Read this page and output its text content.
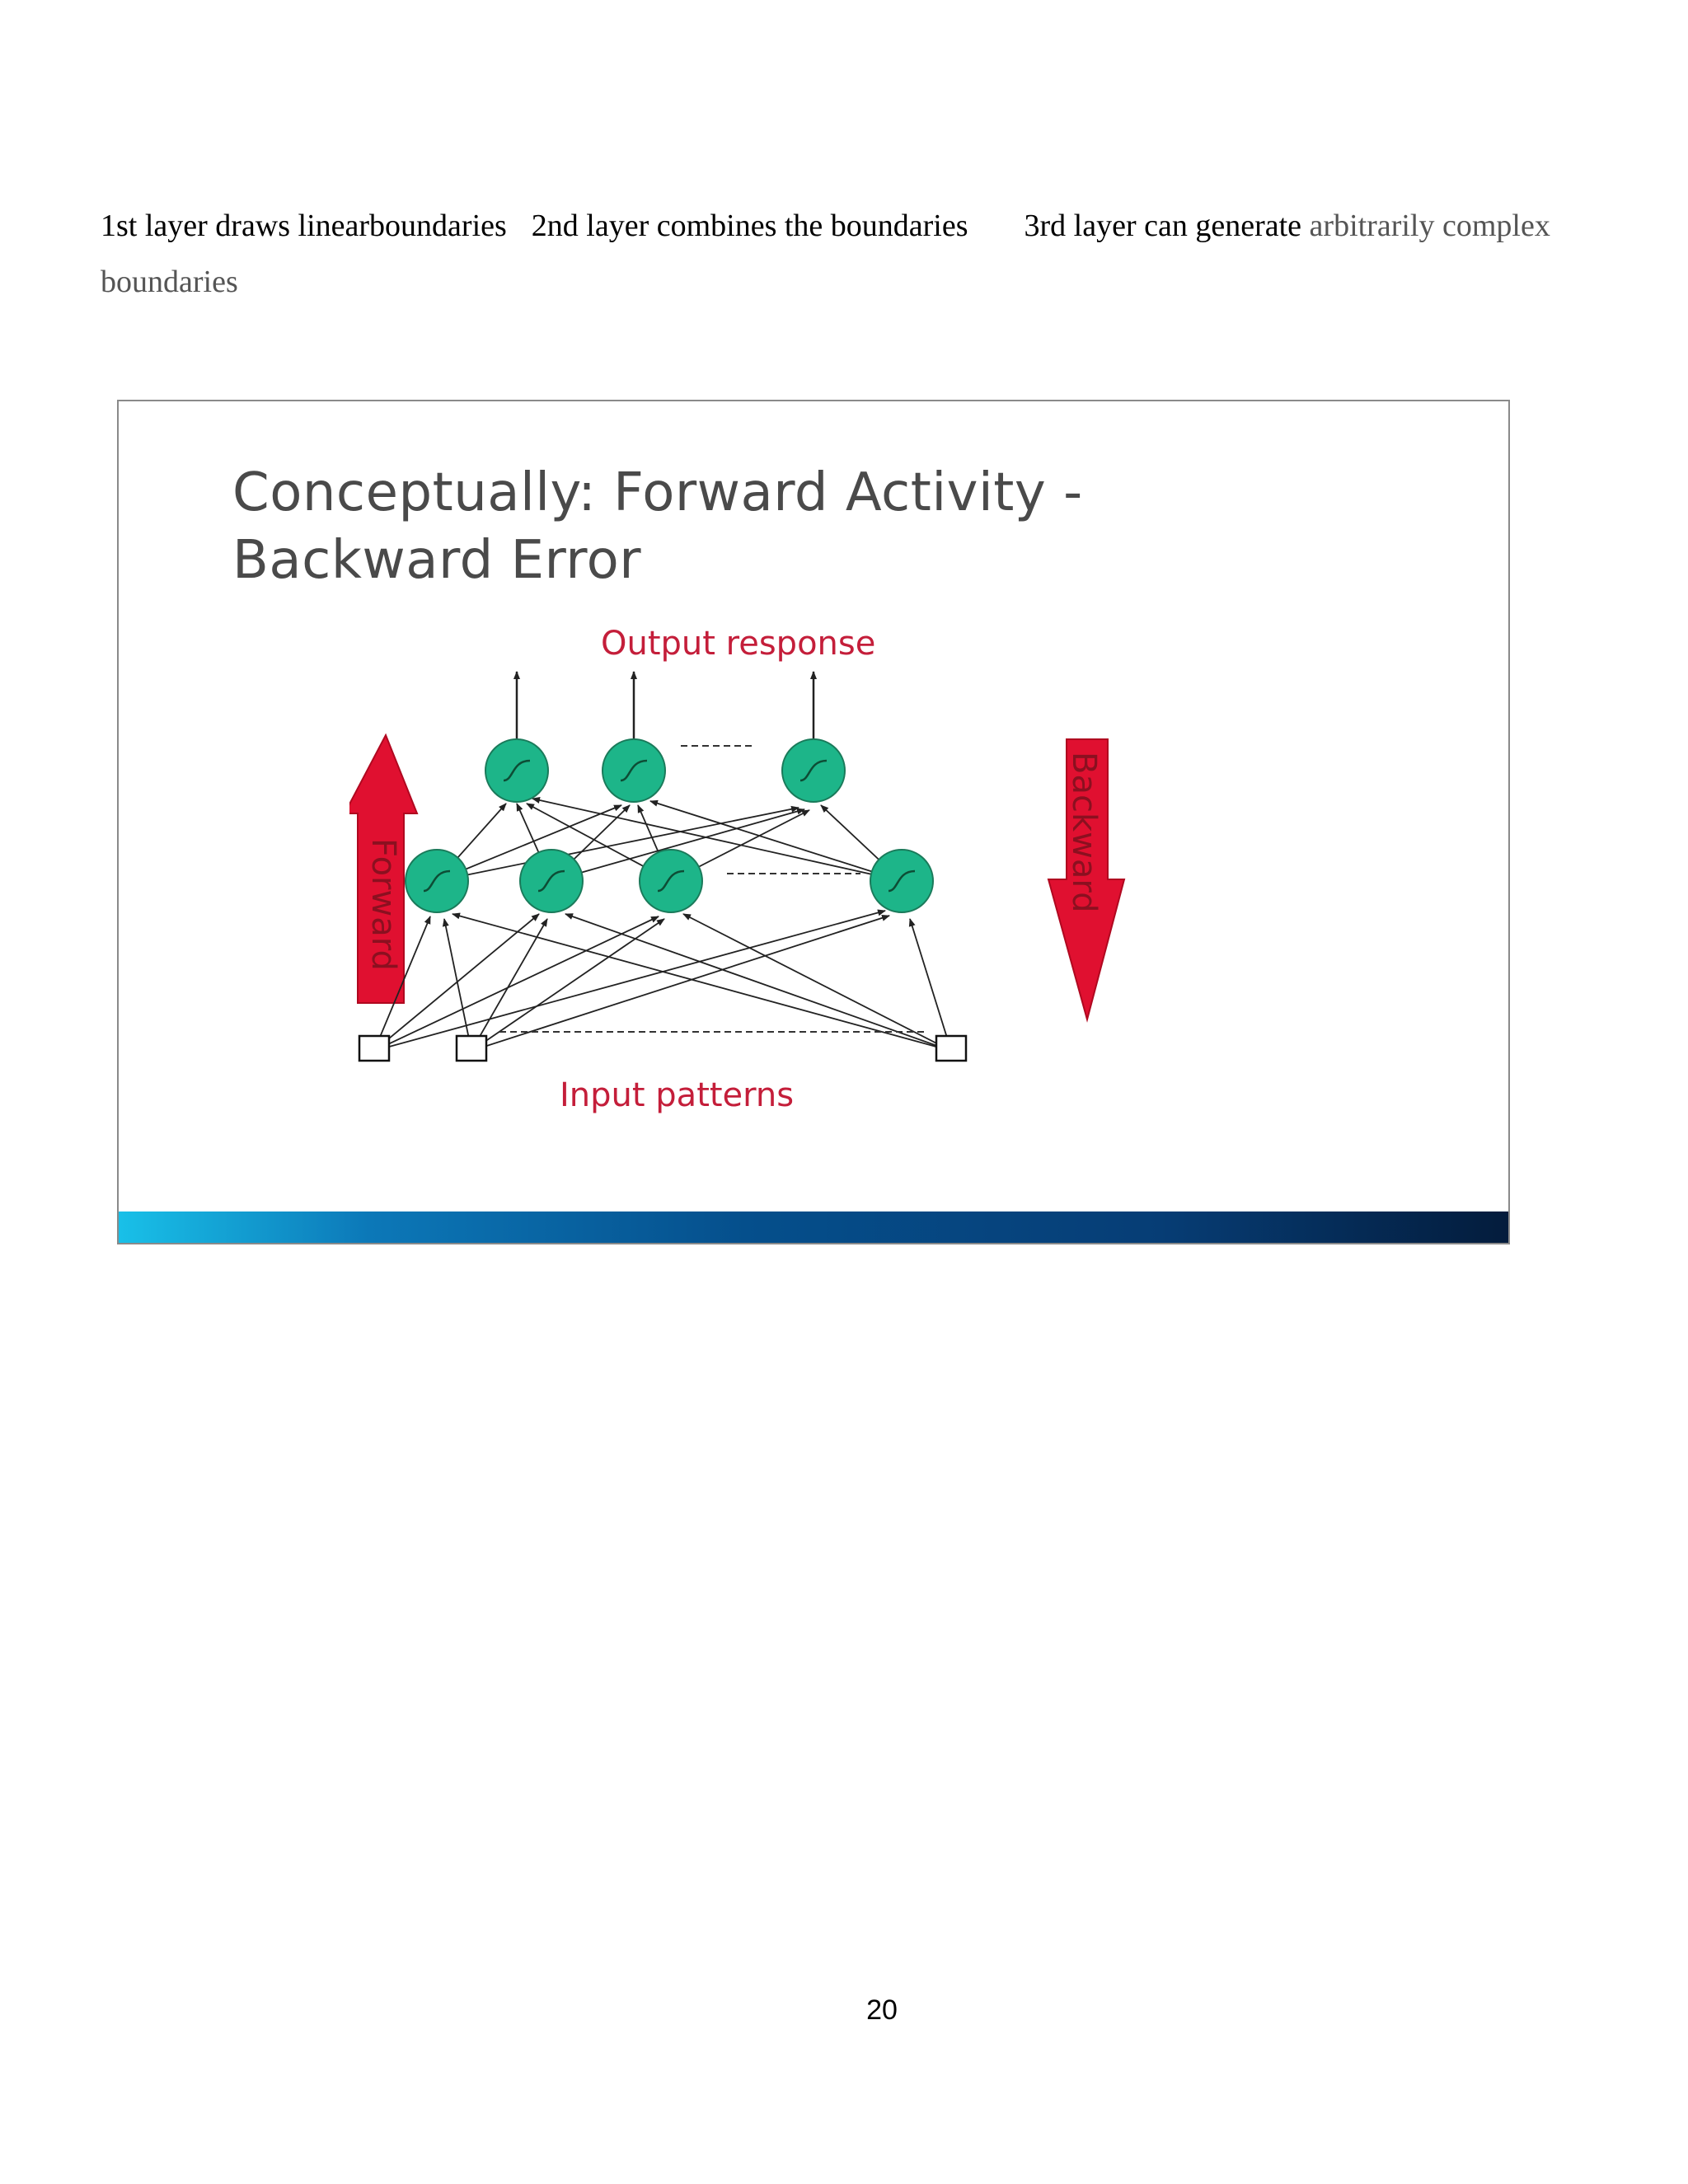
1st layer draws linearboundaries 2nd layer combines the boundaries 3rd layer can generate arbitrarily complex boundaries

Conceptually: Forward Activity -
Backward Error
Output response
Forward	Backward
Input patterns
20
